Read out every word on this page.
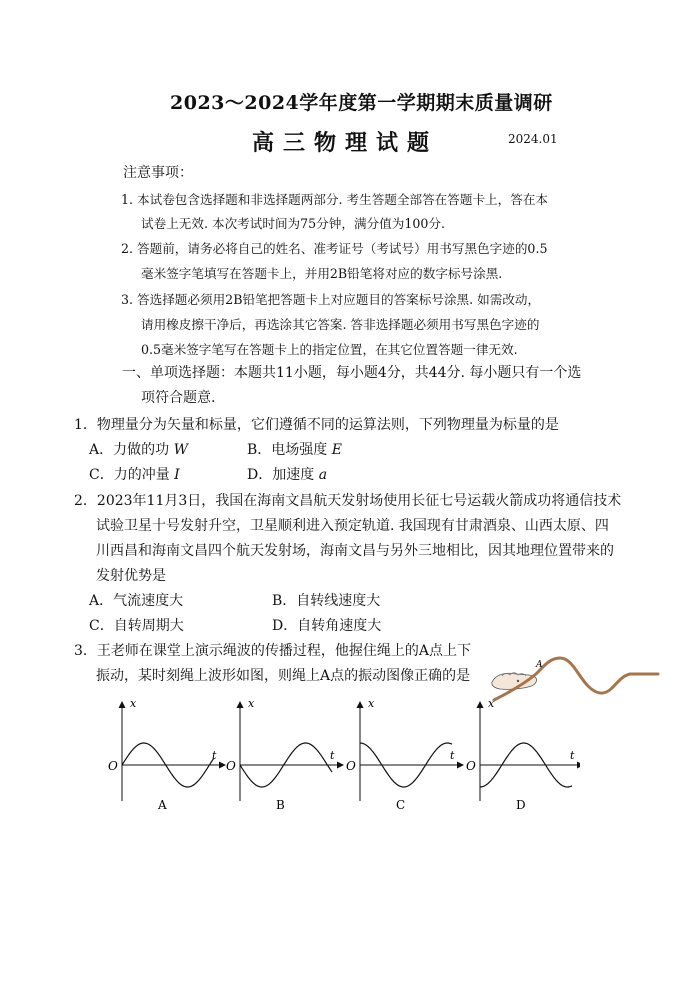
2023～2024学年度第一学期期末质量调研
高三物理试题	2024.01
注意事项：
1. 本试卷包含选择题和非选择题两部分. 考生答题全部答在答题卡上，答在本
试卷上无效. 本次考试时间为75分钟，满分值为100分.
2. 答题前，请务必将自己的姓名、准考证号（考试号）用书写黑色字迹的0.5
毫米签字笔填写在答题卡上，并用2B铅笔将对应的数字标号涂黑.
3. 答选择题必须用2B铅笔把答题卡上对应题目的答案标号涂黑. 如需改动，
请用橡皮擦干净后，再选涂其它答案. 答非选择题必须用书写黑色字迹的
0.5毫米签字笔写在答题卡上的指定位置，在其它位置答题一律无效.
一、单项选择题：本题共11小题，每小题4分，共44分. 每小题只有一个选
项符合题意.
1．物理量分为矢量和标量，它们遵循不同的运算法则，下列物理量为标量的是
A．力做的功 W	B．电场强度 E
C．力的冲量 I	D．加速度 a
2．2023年11月3日，我国在海南文昌航天发射场使用长征七号运载火箭成功将通信技术
试验卫星十号发射升空，卫星顺利进入预定轨道. 我国现有甘肃酒泉、山西太原、四
川西昌和海南文昌四个航天发射场，海南文昌与另外三地相比，因其地理位置带来的
发射优势是
A．气流速度大	B．自转线速度大
C．自转周期大	D．自转角速度大
3．王老师在课堂上演示绳波的传播过程，他握住绳上的A点上下
振动，某时刻绳上波形如图，则绳上A点的振动图像正确的是
A
x
t
O
A
x
t
O
B
x
t
O
C
x
t
O
D
